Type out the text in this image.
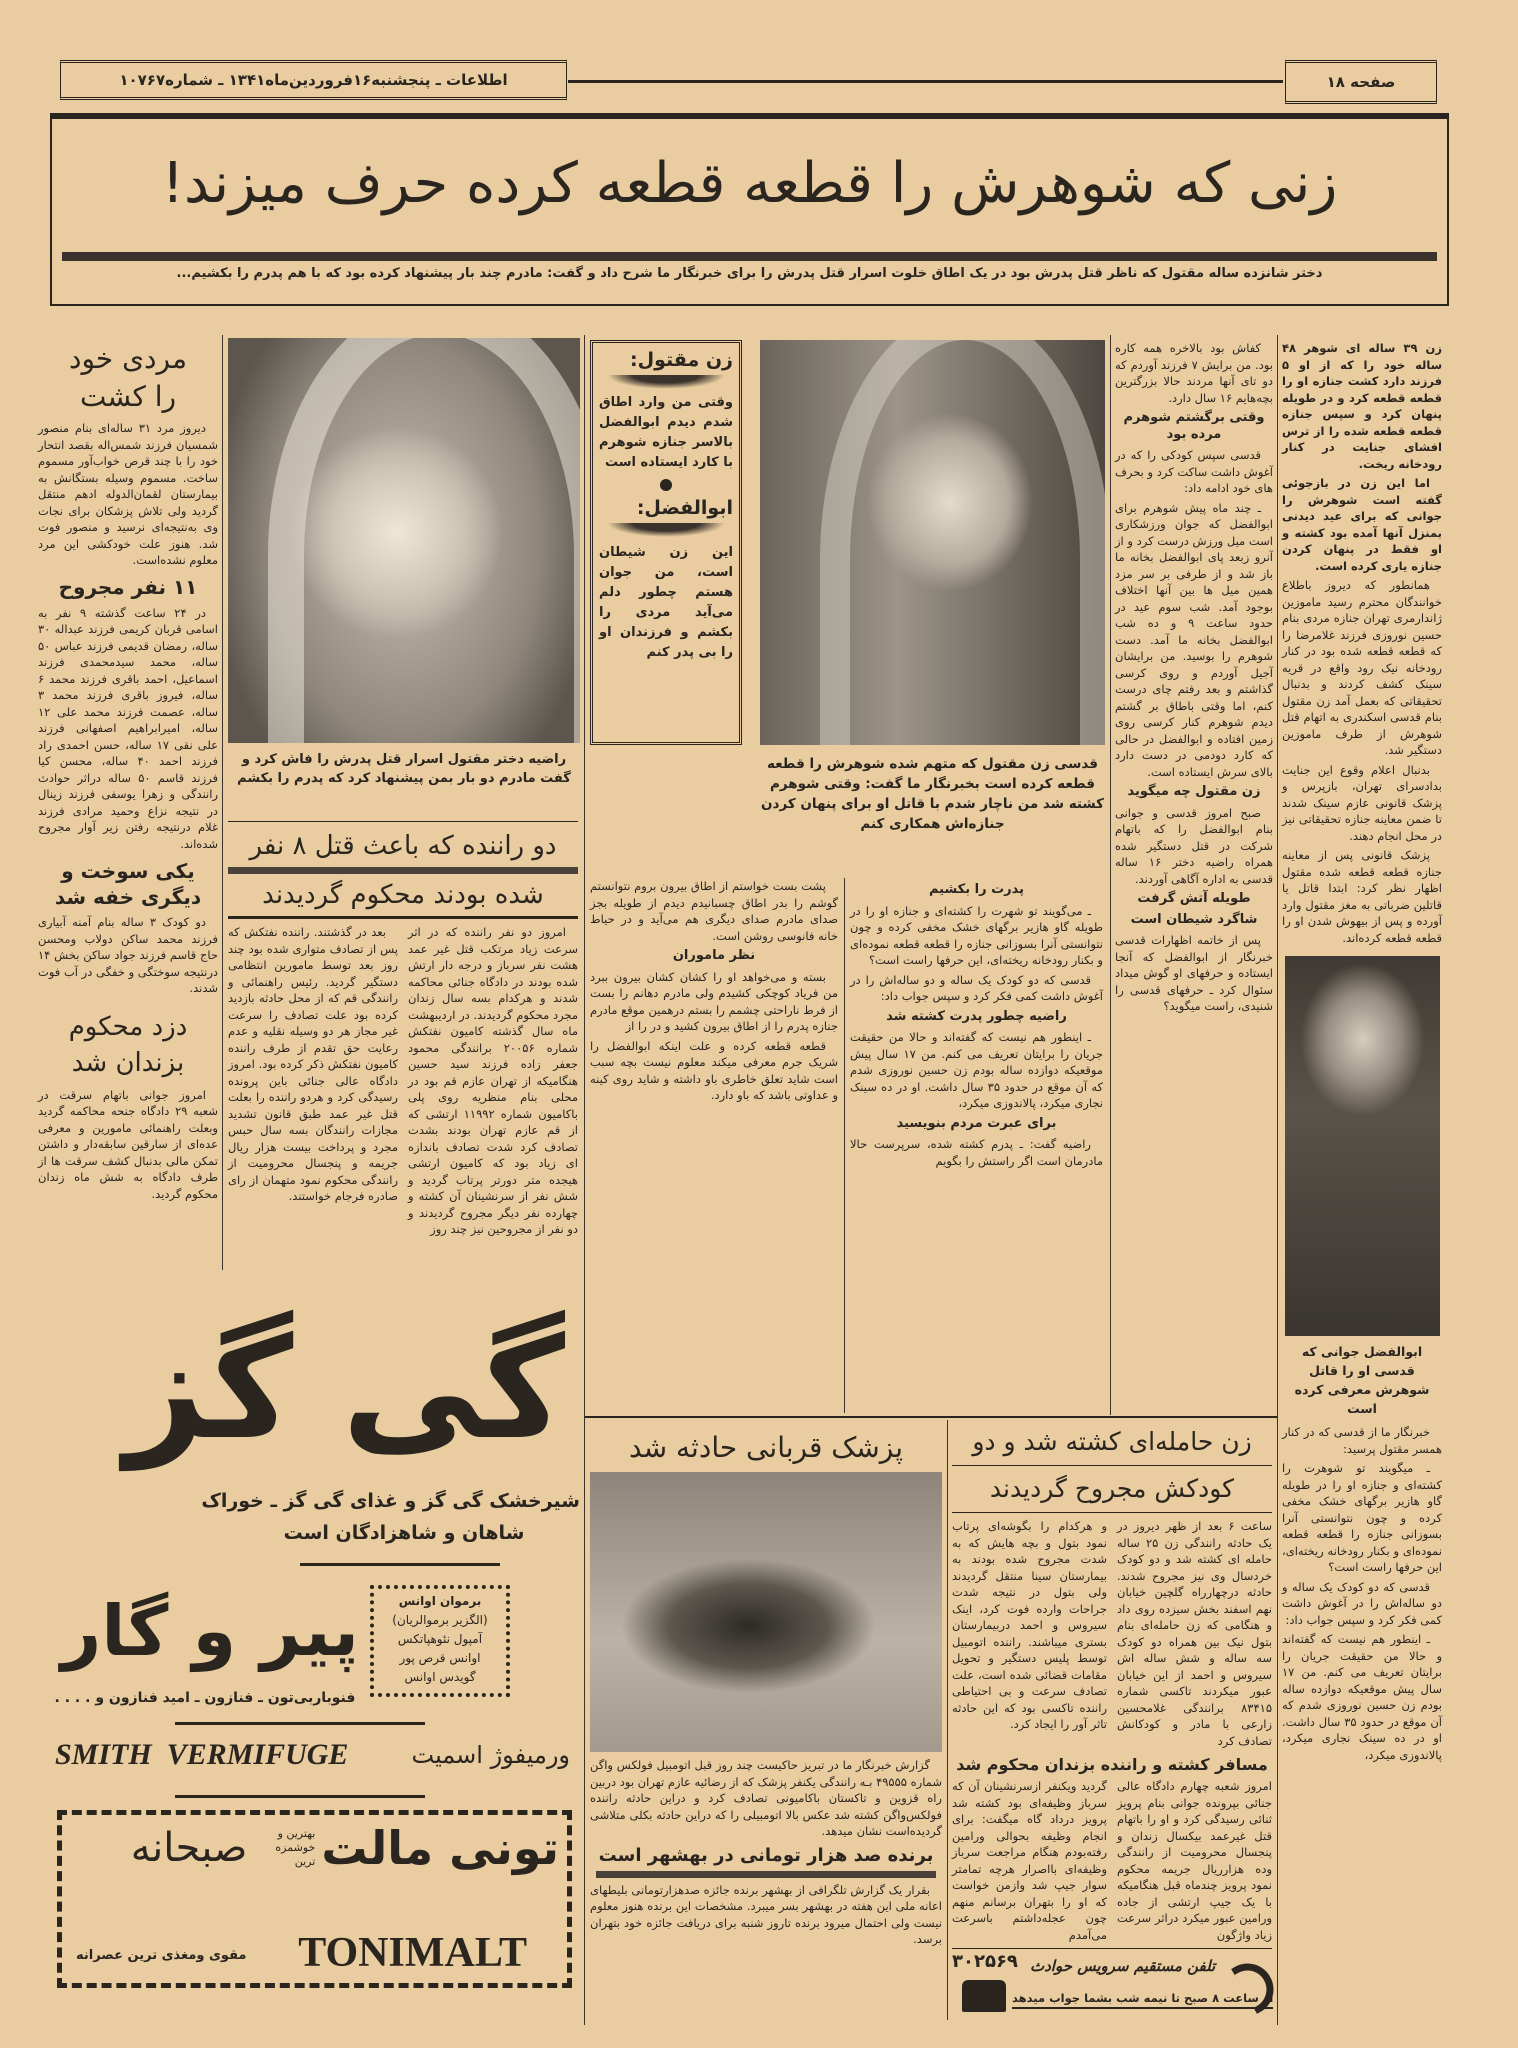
اطلاعات ـ پنجشنبه۱۶فروردین‌ماه۱۳۴۱ ـ شماره۱۰۷۶۷	صفحه ۱۸
زنی که شوهرش را قطعه قطعه کرده حرف میزند!
دختر شانزده ساله مقتول که ناظر قتل پدرش بود در یک اطاق خلوت اسرار قتل پدرش را برای خبرنگار ما شرح داد و گفت: مادرم چند بار پیشنهاد کرده بود که با هم پدرم را بکشیم...
مردی خود را کشت
دیروز مرد ۳۱ ساله‌ای بنام منصور شمسیان فرزند شمس‌اله بقصد انتحار خود را با چند قرص خواب‌آور مسموم ساخت. مسموم وسیله بستگانش به بیمارستان لقمان‌الدوله ادهم منتقل گردید ولی تلاش پزشکان برای نجات وی به‌نتیجه‌ای نرسید و منصور فوت شد. هنوز علت خودکشی این مرد معلوم نشده‌است.
۱۱ نفر مجروح
در ۲۴ ساعت گذشته ۹ نفر به اسامی قربان کریمی فرزند عبداله ۳۰ ساله، رمضان قدیمی فرزند عباس ۵۰ ساله، محمد سیدمحمدی فرزند اسماعیل، احمد باقری فرزند محمد ۶ ساله، فیروز باقری فرزند محمد ۳ ساله، عصمت فرزند محمد علی ۱۲ ساله، امیرابراهیم اصفهانی فرزند علی نقی ۱۷ ساله، حسن احمدی راد فرزند احمد ۴۰ ساله، محسن کیا فرزند قاسم ۵۰ ساله دراثر حوادث رانندگی و زهرا یوسفی فرزند زینال در نتیجه نزاع وحمید مرادی فرزند غلام درنتیجه رفتن زیر آوار مجروح شده‌اند.
یکی سوخت و دیگری خفه شد
دو کودک ۳ ساله بنام آمنه آبیاری فرزند محمد ساکن دولاب ومحسن حاج قاسم فرزند جواد ساکن بخش ۱۴ درنتیجه سوختگی و خفگی در آب فوت شدند.
دزد محکوم بزندان شد
امروز جوانی باتهام سرقت در شعبه ۲۹ دادگاه جنحه محاکمه گردید وبعلت راهنمائی مامورین و معرفی عده‌ای از سارقین سابقه‌دار و داشتن تمکن مالی بدنبال کشف سرقت ها از طرف دادگاه به شش ماه زندان محکوم گردید.
راضیه دختر مقتول اسرار قتل پدرش را فاش کرد و گفت مادرم دو بار بمن پیشنهاد کرد که پدرم را بکشم
زن مقتول:
وقتی من وارد اطاق شدم دیدم ابوالفضل بالاسر جنازه شوهرم با کارد ایستاده است
ابوالفضل:
این زن شیطان است، من جوان هستم چطور دلم می‌آید مردی را بکشم و فرزندان او را بی پدر کنم
قدسی زن مقتول که متهم شده شوهرش را قطعه قطعه کرده است بخبرنگار ما گفت: وقتی شوهرم کشته شد من ناچار شدم با قاتل او برای پنهان کردن جنازه‌اش همکاری کنم

زن ۳۹ ساله ای شوهر ۴۸ ساله خود را که از او ۵ فرزند دارد کشت جنازه او را قطعه قطعه کرد و در طویله پنهان کرد و سپس جنازه قطعه قطعه شده را از ترس افشای جنایت در کنار رودخانه ریخت.

اما این زن در بازجوئی گفته است شوهرش را جوانی که برای عید دیدنی بمنزل آنها آمده بود کشته و او فقط در پنهان کردن جنازه یاری کرده است.

همانطور که دیروز باطلاع خوانندگان محترم رسید ماموزین ژاندارمری تهران جنازه مردی بنام حسین نوروزی فرزند غلامرضا را که قطعه قطعه شده بود در کنار رودخانه نیک رود واقع در قریه سینک کشف کردند و بدنبال تحقیقاتی که بعمل آمد زن مقتول بنام قدسی اسکندری به اتهام قتل شوهرش از طرف ماموزین دستگیر شد.

بدنبال اعلام وقوع این جنایت بدادسرای تهران، بازپرس و پزشک قانونی عازم سینک شدند تا ضمن معاینه جنازه تحقیقاتی نیز در محل انجام دهند.

پزشک قانونی پس از معاینه جنازه قطعه قطعه شده مقتول اظهار نظر کرد: ابتدا قاتل یا قاتلین ضرباتی به مغز مقتول وارد آورده و پس از بیهوش شدن او را قطعه قطعه کرده‌اند.

ابوالفضل جوانی که قدسی او را قاتل شوهرش معرفی کرده است

خبرنگار ما از قدسی که در کنار همسر مقتول پرسید:

ـ میگویند تو شوهرت را کشته‌ای و جنازه او را در طویله گاو هازیر برگهای خشک مخفی کرده و چون نتوانستی آنرا بسوزانی جنازه را قطعه قطعه نموده‌ای و بکنار رودخانه ریخته‌ای، این حرفها راست است؟

قدسی که دو کودک یک ساله و دو ساله‌اش را در آغوش داشت کمی فکر کرد و سپس جواب داد:

ـ اینطور هم نیست که گفته‌اند و حالا من حقیقت جریان را برایتان تعریف می کنم. من ۱۷ سال پیش موقعیکه دوازده ساله بودم زن حسین نوروزی شدم که آن موقع در حدود ۳۵ سال داشت. او در ده سینک نجاری میکرد، پالاندوزی میکرد،

کفاش بود بالاخره همه کاره بود. من برایش ۷ فرزند آوردم که دو تای آنها مردند حالا بزرگترین بچه‌هایم ۱۶ سال دارد.

وقتی برگشتم شوهرم مرده بود

قدسی سپس کودکی را که در آغوش داشت ساکت کرد و بحرف های خود ادامه داد:

ـ چند ماه پیش شوهرم برای ابوالفضل که جوان ورزشکاری است میل ورزش درست کرد و از آنرو زبعد پای ابوالفضل بخانه ما باز شد و از طرفی بر سر مزد همین میل ها بین آنها اختلاف بوجود آمد. شب سوم عید در حدود ساعت ۹ و ده شب ابوالفضل بخانه ما آمد. دست شوهرم را بوسید. من برایشان آجیل آوردم و روی کرسی گذاشتم و بعد رفتم چای درست کنم، اما وقتی باطاق بر گشتم دیدم شوهرم کنار کرسی روی زمین افتاده و ابوالفضل در حالی که کارد دودمی در دست دارد بالای سرش ایستاده است.

زن مقتول چه میگوید

صبح امروز قدسی و جوانی بنام ابوالفضل را که باتهام شرکت در قتل دستگیر شده همراه راضیه دختر ۱۶ ساله قدسی به اداره آگاهی آوردند.

طویله آتش گرفت

شاگرد شیطان است

پس از خاتمه اظهارات قدسی خبرنگار از ابوالفضل که آنجا ایستاده و حرفهای او گوش میداد سئوال کرد ـ حرفهای قدسی را شنیدی، راست میگوید؟

پدرت را بکشیم

ـ می‌گویند تو شهرت را کشته‌ای و جنازه او را در طویله گاو هازیر برگهای خشک مخفی کرده و چون نتوانستی آنرا بسوزانی جنازه را قطعه قطعه نموده‌ای و بکنار رودخانه ریخته‌ای، این حرفها راست است؟

قدسی که دو کودک یک ساله و دو ساله‌اش را در آغوش داشت کمی فکر کرد و سپس جواب داد:

راضیه چطور پدرت کشته شد

ـ اینطور هم نیست که گفته‌اند و حالا من حقیقت جریان را برایتان تعریف می کنم. من ۱۷ سال پیش موقعیکه دوازده ساله بودم زن حسین نوروزی شدم که آن موقع در حدود ۳۵ سال داشت. او در ده سینک نجاری میکرد، پالاندوزی میکرد،

برای عبرت مردم بنویسید

راضیه گفت: ـ پدرم کشته شده، سرپرست حالا مادرمان است اگر راستش را بگویم

پشت بست خواستم از اطاق بیرون بروم نتوانستم گوشم را بدر اطاق چسبانیدم دیدم از طویله بجز صدای مادرم صدای دیگری هم می‌آید و در حیاط خانه فانوسی روشن است.

نظر ماموران

بسته و می‌خواهد او را کشان کشان بیرون ببرد من فریاد کوچکی کشیدم ولی مادرم دهانم را بست از فرط ناراحتی چشمم را بستم درهمین موقع مادرم جنازه پدرم را از اطاق بیرون کشید و در را از

قطعه قطعه کرده و علت اینکه ابوالفضل را شریک جرم معرفی میکند معلوم نیست بچه سبب است شاید تعلق خاطری باو داشته و شاید روی کینه و عداوتی باشد که باو دارد.

دو راننده که باعث قتل ۸ نفر
شده بودند محکوم گردیدند
امروز دو نفر راننده که در اثر سرعت زیاد مرتکب قتل غیر عمد هشت نفر سرباز و درجه دار ارتش شده بودند در دادگاه جنائی محاکمه شدند و هرکدام بسه سال زندان مجرد محکوم گردیدند. در اردیبهشت ماه سال گذشته کامیون نفتکش شماره ۲۰۰۵۶ برانندگی محمود جعفر زاده فرزند سید حسین هنگامیکه از تهران عازم قم بود در محلی بنام منظریه روی پلی باکامیون شماره ۱۱۹۹۲ ارتشی که از قم عازم تهران بودند بشدت تصادف کرد شدت تصادف باندازه ای زیاد بود که کامیون ارتشی هیجده متر دورتر پرتاب گردید و شش نفر از سرنشینان آن کشته و چهارده نفر دیگر مجروح گردیدند و دو نفر از مجروحین نیز چند روز
بعد در گذشتند. راننده نفتکش که پس از تصادف متواری شده بود چند روز بعد توسط مامورین انتظامی دستگیر گردید. رئیس راهنمائی و رانندگی قم که از محل حادثه بازدید کرده بود علت تصادف را سرعت غیر مجاز هر دو وسیله نقلیه و عدم رعایت حق تقدم از طرف راننده کامیون نفتکش ذکر کرده بود. امروز دادگاه عالی جنائی باین پرونده رسیدگی کرد و هردو راننده را بعلت قتل غیر عمد طبق قانون تشدید مجازات رانندگان بسه سال حبس مجرد و پرداخت بیست هزار ریال جریمه و پنجسال محرومیت از رانندگی محکوم نمود متهمان از رای صادره فرجام خواستند.
گی گز
شیرخشک گی گز و غذای گی گز ـ خوراک
شاهان و شاهزادگان است
پیر و گار
فنوباربی‌تون ـ فنازون ـ امید فنازون و . . . .
برموان اوانس
(الگزیر برموالریان)
آمپول نئوهپاتکس
اوانس قرص پور
گویدس اوانس
SMITH  VERMIFUGE	ورمیفوژ اسمیت
تونی مالت
بهترین و خوشمزه ترین
صبحانه
TONIMALT
مقوی ومغذی ترین عصرانه
پزشک قربانی حادثه شد
گزارش خبرنگار ما در تبریز حاکیست چند روز قبل اتومبیل فولکس واگن شماره ۴۹۵۵۵ بـه رانندگی یکنفر پزشک که از رضائیه عازم تهران بود دربین راه قزوین و تاکستان باکامیونی تصادف کرد و دراین حادثه راننده فولکس‌واگن کشته شد عکس بالا اتومبیلی را که دراین حادثه بکلی متلاشی گردیده‌است نشان میدهد.
برنده صد هزار تومانی در بهشهر است
بقرار یک گزارش تلگرافی از بهشهر برنده جائزه صدهزارتومانی بلیطهای اعانه ملی این هفته در بهشهر بسر میبرد. مشخصات این برنده هنوز معلوم نیست ولی احتمال میرود برنده تاروز شنبه برای دریافت جائزه خود بتهران برسد.
زن حامله‌ای کشته شد و دو
کودکش مجروح گردیدند
ساعت ۶ بعد از ظهر دیروز در یک حادثه رانندگی زن ۲۵ ساله حامله ای کشته شد و دو کودک خردسال وی نیز مجروح شدند. حادثه درچهارراه گلچین خیابان نهم اسفند بخش سیزده روی داد و هنگامی که زن حامله‌ای بنام بتول نیک بین همراه دو کودک سه ساله و شش ساله اش سیروس و احمد از این خیابان عبور میکردند تاکسی شماره ۸۳۴۱۵ برانندگی غلامحسین زارعی با مادر و کودکانش تصادف کرد
و هرکدام را بگوشه‌ای پرتاب نمود بتول و بچه هایش که به شدت مجروح شده بودند به بیمارستان سینا منتقل گردیدند ولی بتول در نتیجه شدت جراحات وارده فوت کرد، اینک سیروس و احمد دربیمارستان بستری میباشند. راننده اتومبیل توسط پلیس دستگیر و تحویل مقامات قضائی شده است، علت تصادف سرعت و بی احتیاطی راننده تاکسی بود که این حادثه تاثر آور را ایجاد کرد.
مسافر کشته و راننده بزندان محکوم شد
امروز شعبه چهارم دادگاه عالی جنائی بپرونده جوانی بنام پرویز ثنائی رسیدگی کرد و او را باتهام قتل غیرعمد بیکسال زندان و پنجسال محرومیت از رانندگی وده هزارریال جریمه محکوم نمود پرویز چندماه قبل هنگامیکه با یک جیپ ارتشی از جاده ورامین عبور میکرد دراثر سرعت زیاد واژگون
گردید ویکنفر ازسرنشینان آن که سرباز وظیفه‌ای بود کشته شد پرویز درداد گاه میگفت: برای انجام وظیفه بحوالی ورامین رفته‌بودم هنگام مراجعت سرباز وظیفه‌ای بااصرار هرچه تمامتر سوار جیپ شد وازمن خواست که او را بتهران برسانم منهم چون عجله‌داشتم باسرعت می‌آمدم
۳۰۲۵۶۹ تلفن مستقیم سرویس حوادث
از ساعت ۸ صبح تا نیمه شب بشما جواب میدهد
